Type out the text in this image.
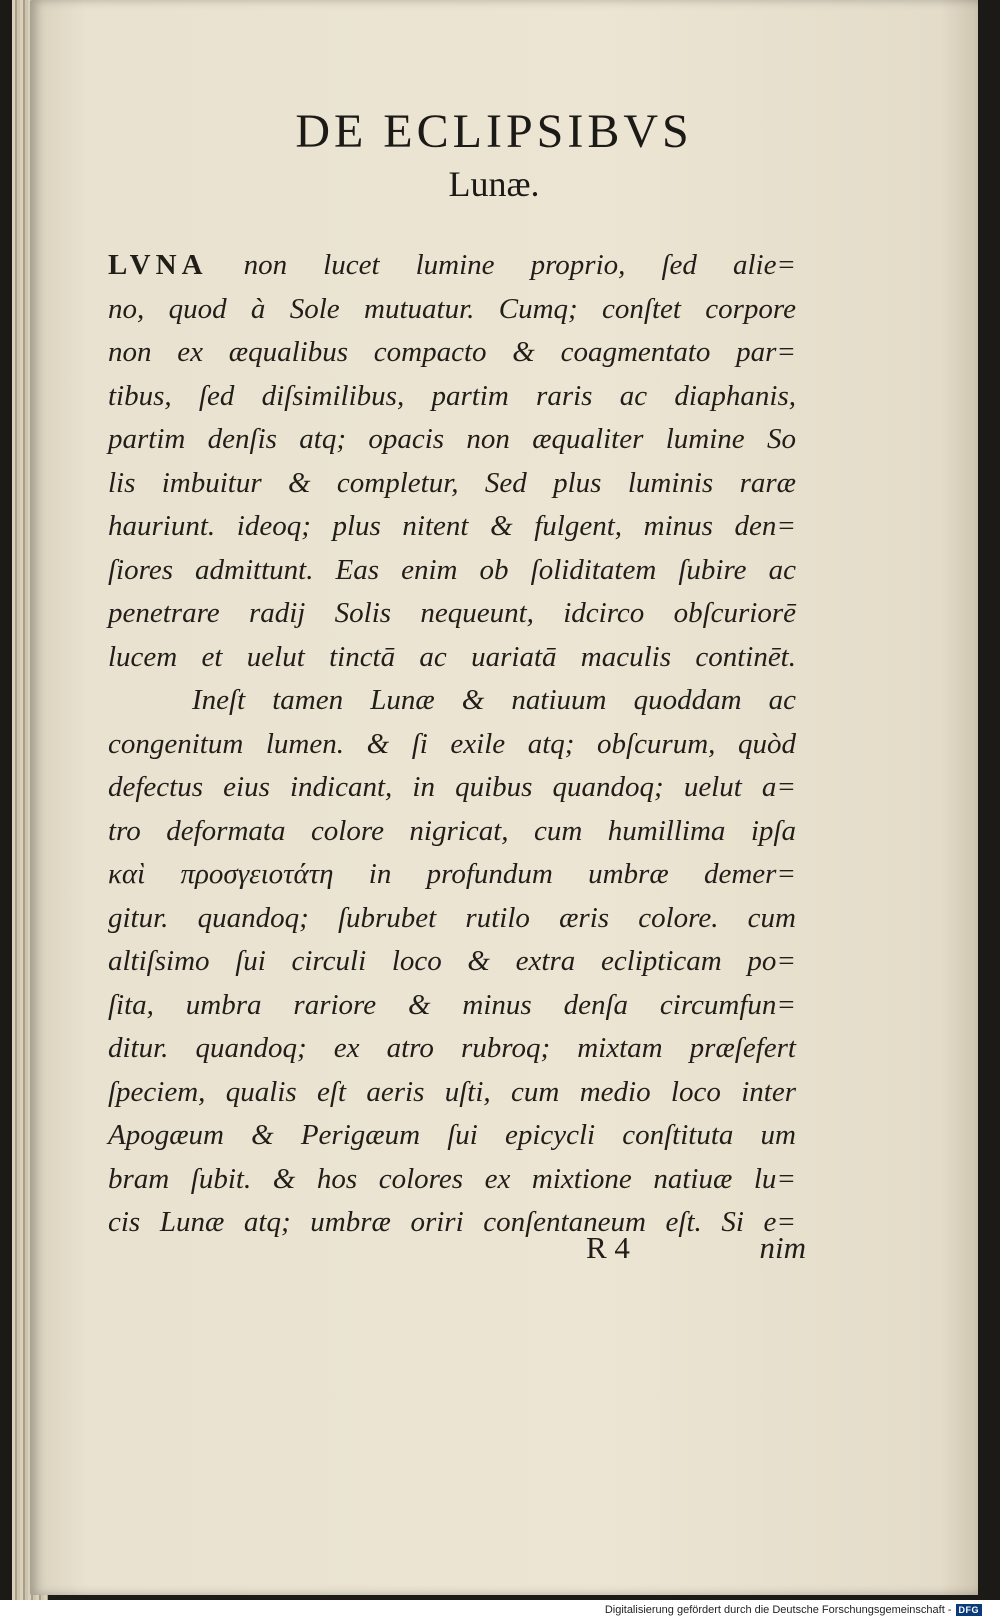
DE ECLIPSIBVS
Lunæ.
LVNA non lucet lumine proprio, ſed alie=
no, quod à Sole mutuatur. Cumq; conſtet corpore
non ex æqualibus compacto & coagmentato par=
tibus, ſed diſsimilibus, partim raris ac diaphanis,
partim denſis atq; opacis non æqualiter lumine So
lis imbuitur & completur, Sed plus luminis raræ
hauriunt. ideoq; plus nitent & fulgent, minus den=
ſiores admittunt. Eas enim ob ſoliditatem ſubire ac
penetrare radij Solis nequeunt, idcirco obſcuriorē
lucem et uelut tinctā ac uariatā maculis continēt.
Ineſt tamen Lunæ & natiuum quoddam ac
congenitum lumen. & ſi exile atq; obſcurum, quòd
defectus eius indicant, in quibus quandoq; uelut a=
tro deformata colore nigricat, cum humillima ipſa
καὶ προσγειοτάτη in profundum umbræ demer=
gitur. quandoq; ſubrubet rutilo æris colore. cum
altiſsimo ſui circuli loco & extra eclipticam po=
ſita, umbra rariore & minus denſa circumfun=
ditur. quandoq; ex atro rubroq; mixtam præſefert
ſpeciem, qualis eſt aeris uſti, cum medio loco inter
Apogæum & Perigæum ſui epicycli conſtituta um
bram ſubit. & hos colores ex mixtione natiuæ lu=
cis Lunæ atq; umbræ oriri conſentaneum eſt. Si e=
R 4	nim
Digitalisierung gefördert durch die Deutsche Forschungsgemeinschaft - DFG
